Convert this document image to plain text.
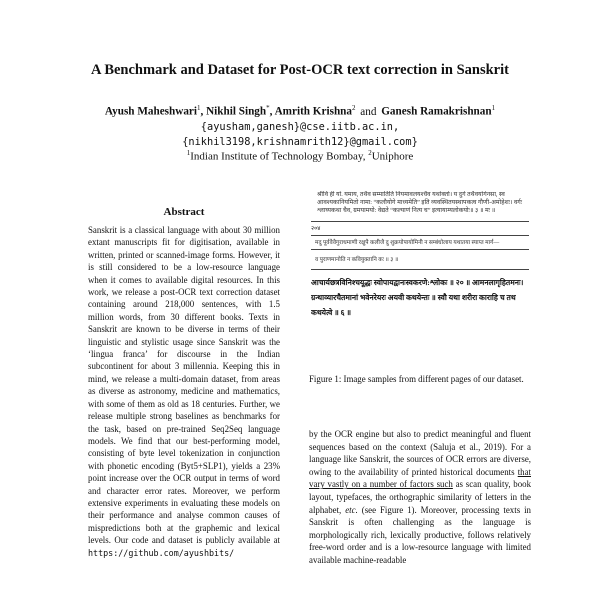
A Benchmark and Dataset for Post-OCR text correction in Sanskrit
Ayush Maheshwari$^1$, Nikhil Singh*, Amrith Krishna$^2$ and Ganesh Ramakrishnan$^1$
{ayusham,ganesh}@cse.iitb.ac.in,
{nikhil3198,krishnamrith12}@gmail.com}
$^1$Indian Institute of Technology Bombay, $^2$Uniphore
Abstract

Sanskrit is a classical language with about 30 million extant manuscripts fit for digitisation, available in written, printed or scanned-image forms. However, it is still considered to be a low-resource language when it comes to available digital resources. In this work, we release a post-OCR text correction dataset containing around 218,000 sentences, with 1.5 million words, from 30 different books. Texts in Sanskrit are known to be diverse in terms of their linguistic and stylistic usage since Sanskrit was the ‘lingua franca’ for discourse in the Indian subcontinent for about 3 millennia. Keeping this in mind, we release a multi-domain dataset, from areas as diverse as astronomy, medicine and mathematics, with some of them as old as 18 centuries. Further, we release multiple strong baselines as benchmarks for the task, based on pre-trained Seq2Seq language models. We find that our best-performing model, consisting of byte level tokenization in conjunction with phonetic encoding (Byt5+SLP1), yields a 23% point increase over the OCR output in terms of word and character error rates. Moreover, we perform extensive experiments in evaluating these models on their performance and analyse common causes of mispredictions both at the graphemic and lexical levels. Our code and dataset is publicly available at https://github.com/ayushbits/

श्रीवि ही यो. यमाय, तथैव सम्मातिति नियमावलयश्चैव यथोक्तो। य दुर्ग तथैवयोगेनसा, स्व आवश्यकानियमितो नामा: “कलौयोगे माध्यमेति” इति व्यवस्थितयस्थापकत्व गौणी-अमोहेशः। वर्गः श्लाघ्यकथा चैव, ग्रमयामयो: वेद्यते “कल्याणं नित्य च” इत्यायाम्यलोकयोः॥ ३ ॥ मः ॥
२०४
मदु पूर्ववैवैगुराधमाणी रक्षुपै कलीजै दु शुक्रयोपायोमिनी न सम्बंधोलाय यथातया स्याप्त मार्ग—
व पुराणमानोति न कवियुक्तानि कः ॥ ३ ॥
आचार्यछत्रविनिश्चयूद्धः स्वोपायद्वानःस्वकरणे:श्लोकः ॥ २० ॥ आमनलागृहितमनः। ग्रन्थाव्यारचैतमानां भवेनरेयरः अयवी कथयेन्तः ॥ स्वौ यथा शरीरा काराहि च तथ कथयेत्वे ॥ ६ ॥

Figure 1: Image samples from different pages of our dataset.

by the OCR engine but also to predict meaningful and fluent sequences based on the context (Saluja et al., 2019). For a language like Sanskrit, the sources of OCR errors are diverse, owing to the availability of printed historical documents that vary vastly on a number of factors such as scan quality, book layout, typefaces, the orthographic similarity of letters in the alphabet, etc. (see Figure 1). Moreover, processing texts in Sanskrit is often challenging as the language is morphologically rich, lexically productive, follows relatively free-word order and is a low-resource language with limited available machine-readable
